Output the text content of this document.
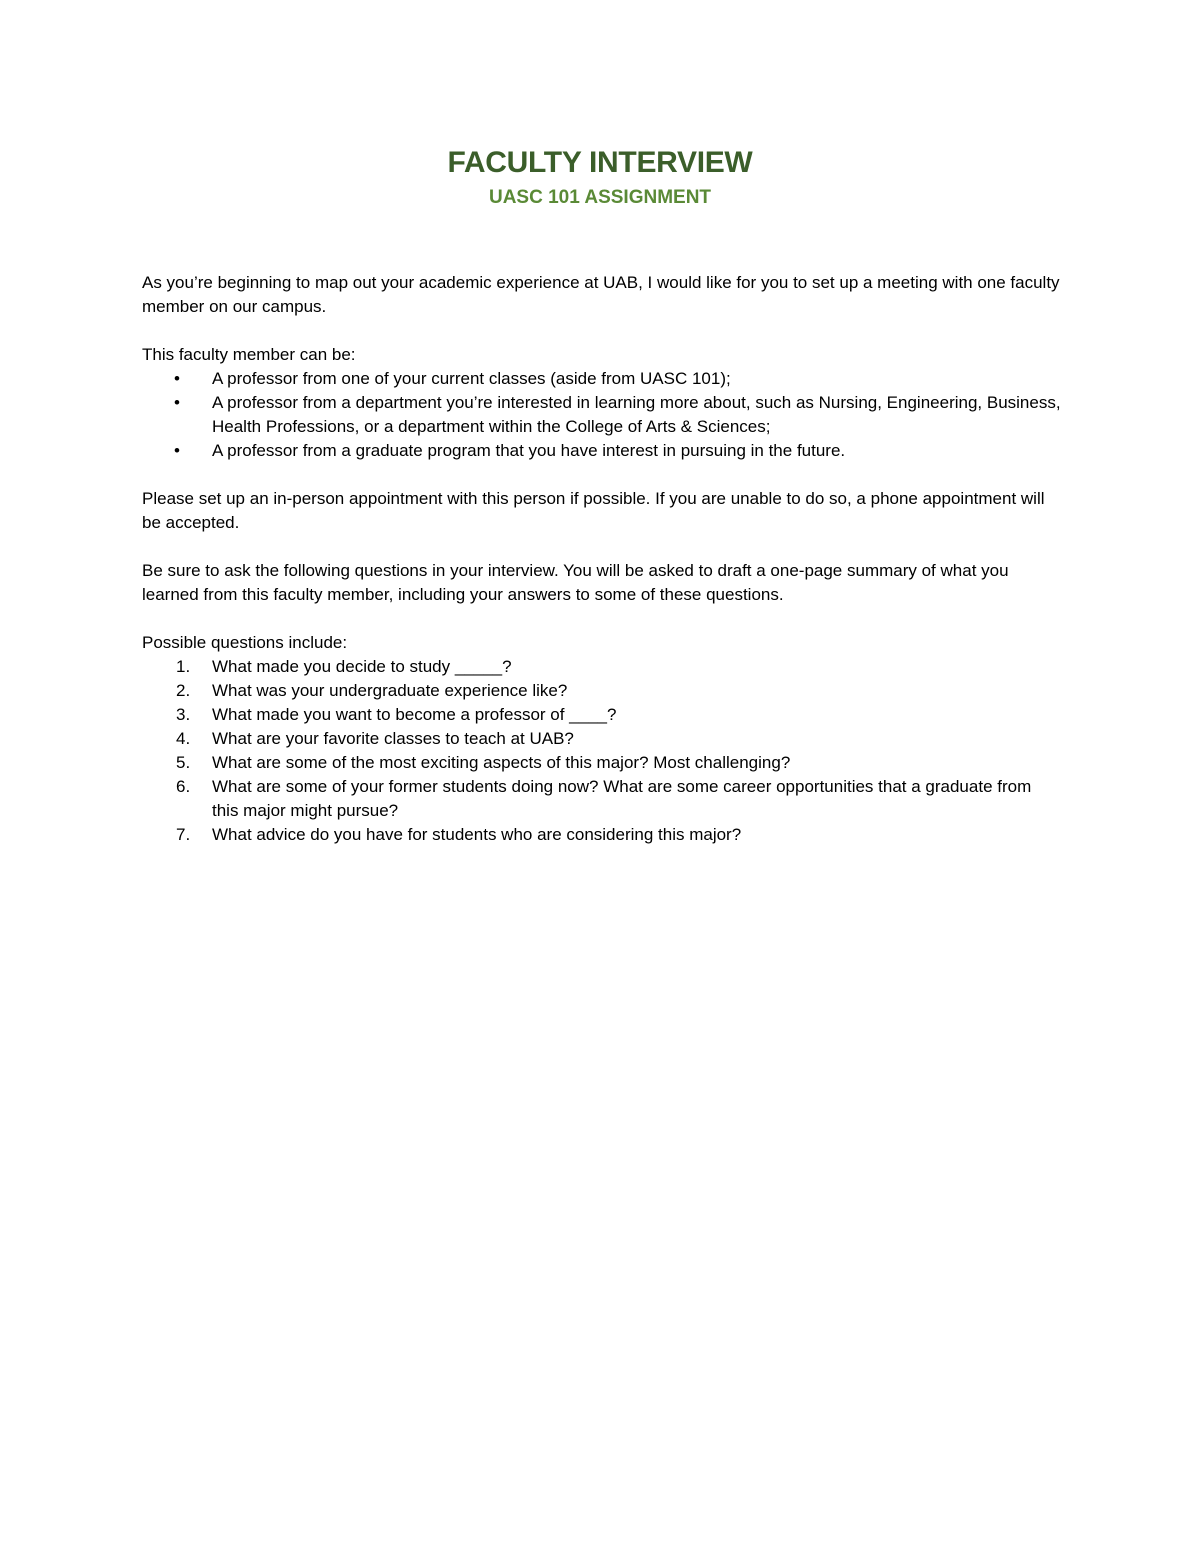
FACULTY INTERVIEW
UASC 101 ASSIGNMENT

As you’re beginning to map out your academic experience at UAB, I would like for you to set up a meeting with one faculty member on our campus.

This faculty member can be:

•	A professor from one of your current classes (aside from UASC 101);
•	A professor from a department you’re interested in learning more about, such as Nursing, Engineering, Business, Health Professions, or a department within the College of Arts & Sciences;
•	A professor from a graduate program that you have interest in pursuing in the future.

Please set up an in-person appointment with this person if possible. If you are unable to do so, a phone appointment will be accepted.

Be sure to ask the following questions in your interview. You will be asked to draft a one-page summary of what you learned from this faculty member, including your answers to some of these questions.

Possible questions include:

1.	What made you decide to study _____?
2.	What was your undergraduate experience like?
3.	What made you want to become a professor of ____?
4.	What are your favorite classes to teach at UAB?
5.	What are some of the most exciting aspects of this major? Most challenging?
6.	What are some of your former students doing now? What are some career opportunities that a graduate from this major might pursue?
7.	What advice do you have for students who are considering this major?
